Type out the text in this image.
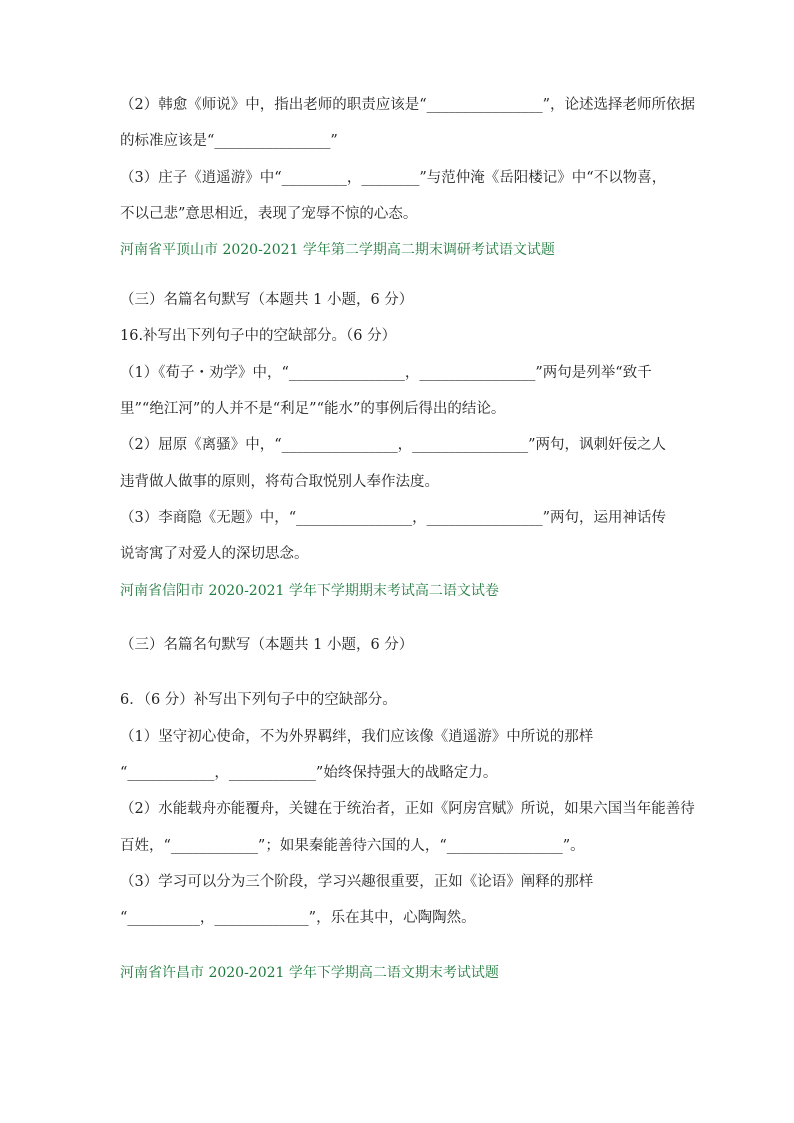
（2）韩愈《师说》中，指出老师的职责应该是“________________”，论述选择老师所依据
的标准应该是“________________”
（3）庄子《逍遥游》中“_________，________”与范仲淹《岳阳楼记》中“不以物喜，
不以己悲”意思相近，表现了宠辱不惊的心态。
河南省平顶山市 2020-2021 学年第二学期高二期末调研考试语文试题
（三）名篇名句默写（本题共 1 小题，6 分）
16.补写出下列句子中的空缺部分。（6 分）
（1）《荀子・劝学》中，“________________，________________”两句是列举“致千
里”“绝江河”的人并不是“利足”“能水”的事例后得出的结论。
（2）屈原《离骚》中，“________________，________________”两句，讽刺奸佞之人
违背做人做事的原则，将苟合取悦别人奉作法度。
（3）李商隐《无题》中，“________________，________________”两句，运用神话传
说寄寓了对爱人的深切思念。
河南省信阳市 2020-2021 学年下学期期末考试高二语文试卷
（三）名篇名句默写（本题共 1 小题，6 分）
6．（6 分）补写出下列句子中的空缺部分。
（1）坚守初心使命，不为外界羁绊，我们应该像《逍遥游》中所说的那样
“____________，____________”始终保持强大的战略定力。
（2）水能载舟亦能覆舟，关键在于统治者，正如《阿房宫赋》所说，如果六国当年能善待
百姓，“____________”；如果秦能善待六国的人，“________________”。
（3）学习可以分为三个阶段，学习兴趣很重要，正如《论语》阐释的那样
“__________，_____________”，乐在其中，心陶陶然。
河南省许昌市 2020-2021 学年下学期高二语文期末考试试题
